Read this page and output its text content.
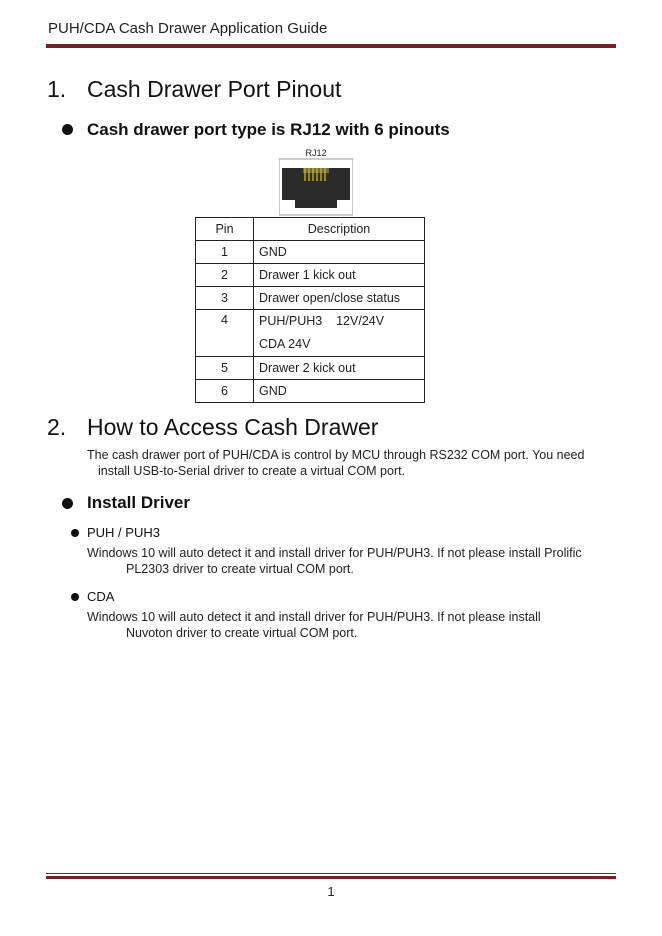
PUH/CDA Cash Drawer Application Guide
1. Cash Drawer Port Pinout
Cash drawer port type is RJ12 with 6 pinouts
RJ12
Pin	Description
1	GND
2	Drawer 1 kick out
3	Drawer open/close status
4	PUH/PUH3    12V/24V
CDA 24V
5	Drawer 2 kick out
6	GND
2. How to Access Cash Drawer
The cash drawer port of PUH/CDA is control by MCU through RS232 COM port. You need
install USB-to-Serial driver to create a virtual COM port.
Install Driver
PUH / PUH3
Windows 10 will auto detect it and install driver for PUH/PUH3. If not please install Prolific
PL2303 driver to create virtual COM port.
CDA
Windows 10 will auto detect it and install driver for PUH/PUH3. If not please install
Nuvoton driver to create virtual COM port.
1
